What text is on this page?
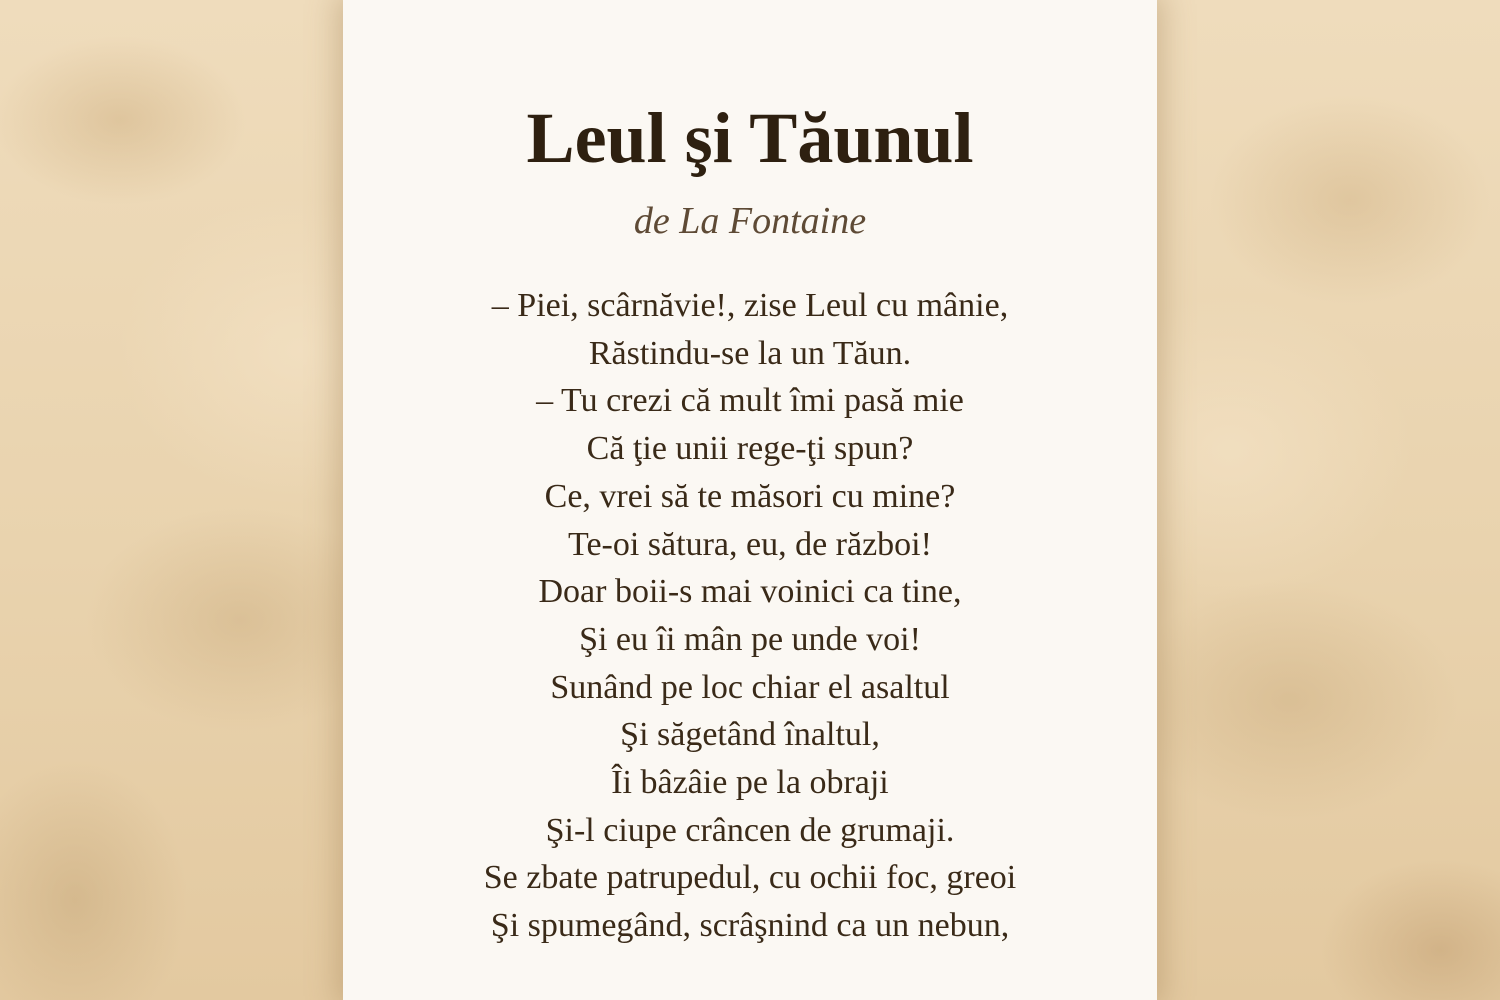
Leul şi Tăunul
de La Fontaine
– Piei, scârnăvie!, zise Leul cu mânie,
Răstindu-se la un Tăun.
– Tu crezi că mult îmi pasă mie
Că ţie unii rege-ţi spun?
Ce, vrei să te măsori cu mine?
Te-oi sătura, eu, de război!
Doar boii-s mai voinici ca tine,
Şi eu îi mân pe unde voi!
Sunând pe loc chiar el asaltul
Şi săgetând înaltul,
Îi bâzâie pe la obraji
Şi-l ciupe crâncen de grumaji.
Se zbate patrupedul, cu ochii foc, greoi
Şi spumegând, scrâşnind ca un nebun,
